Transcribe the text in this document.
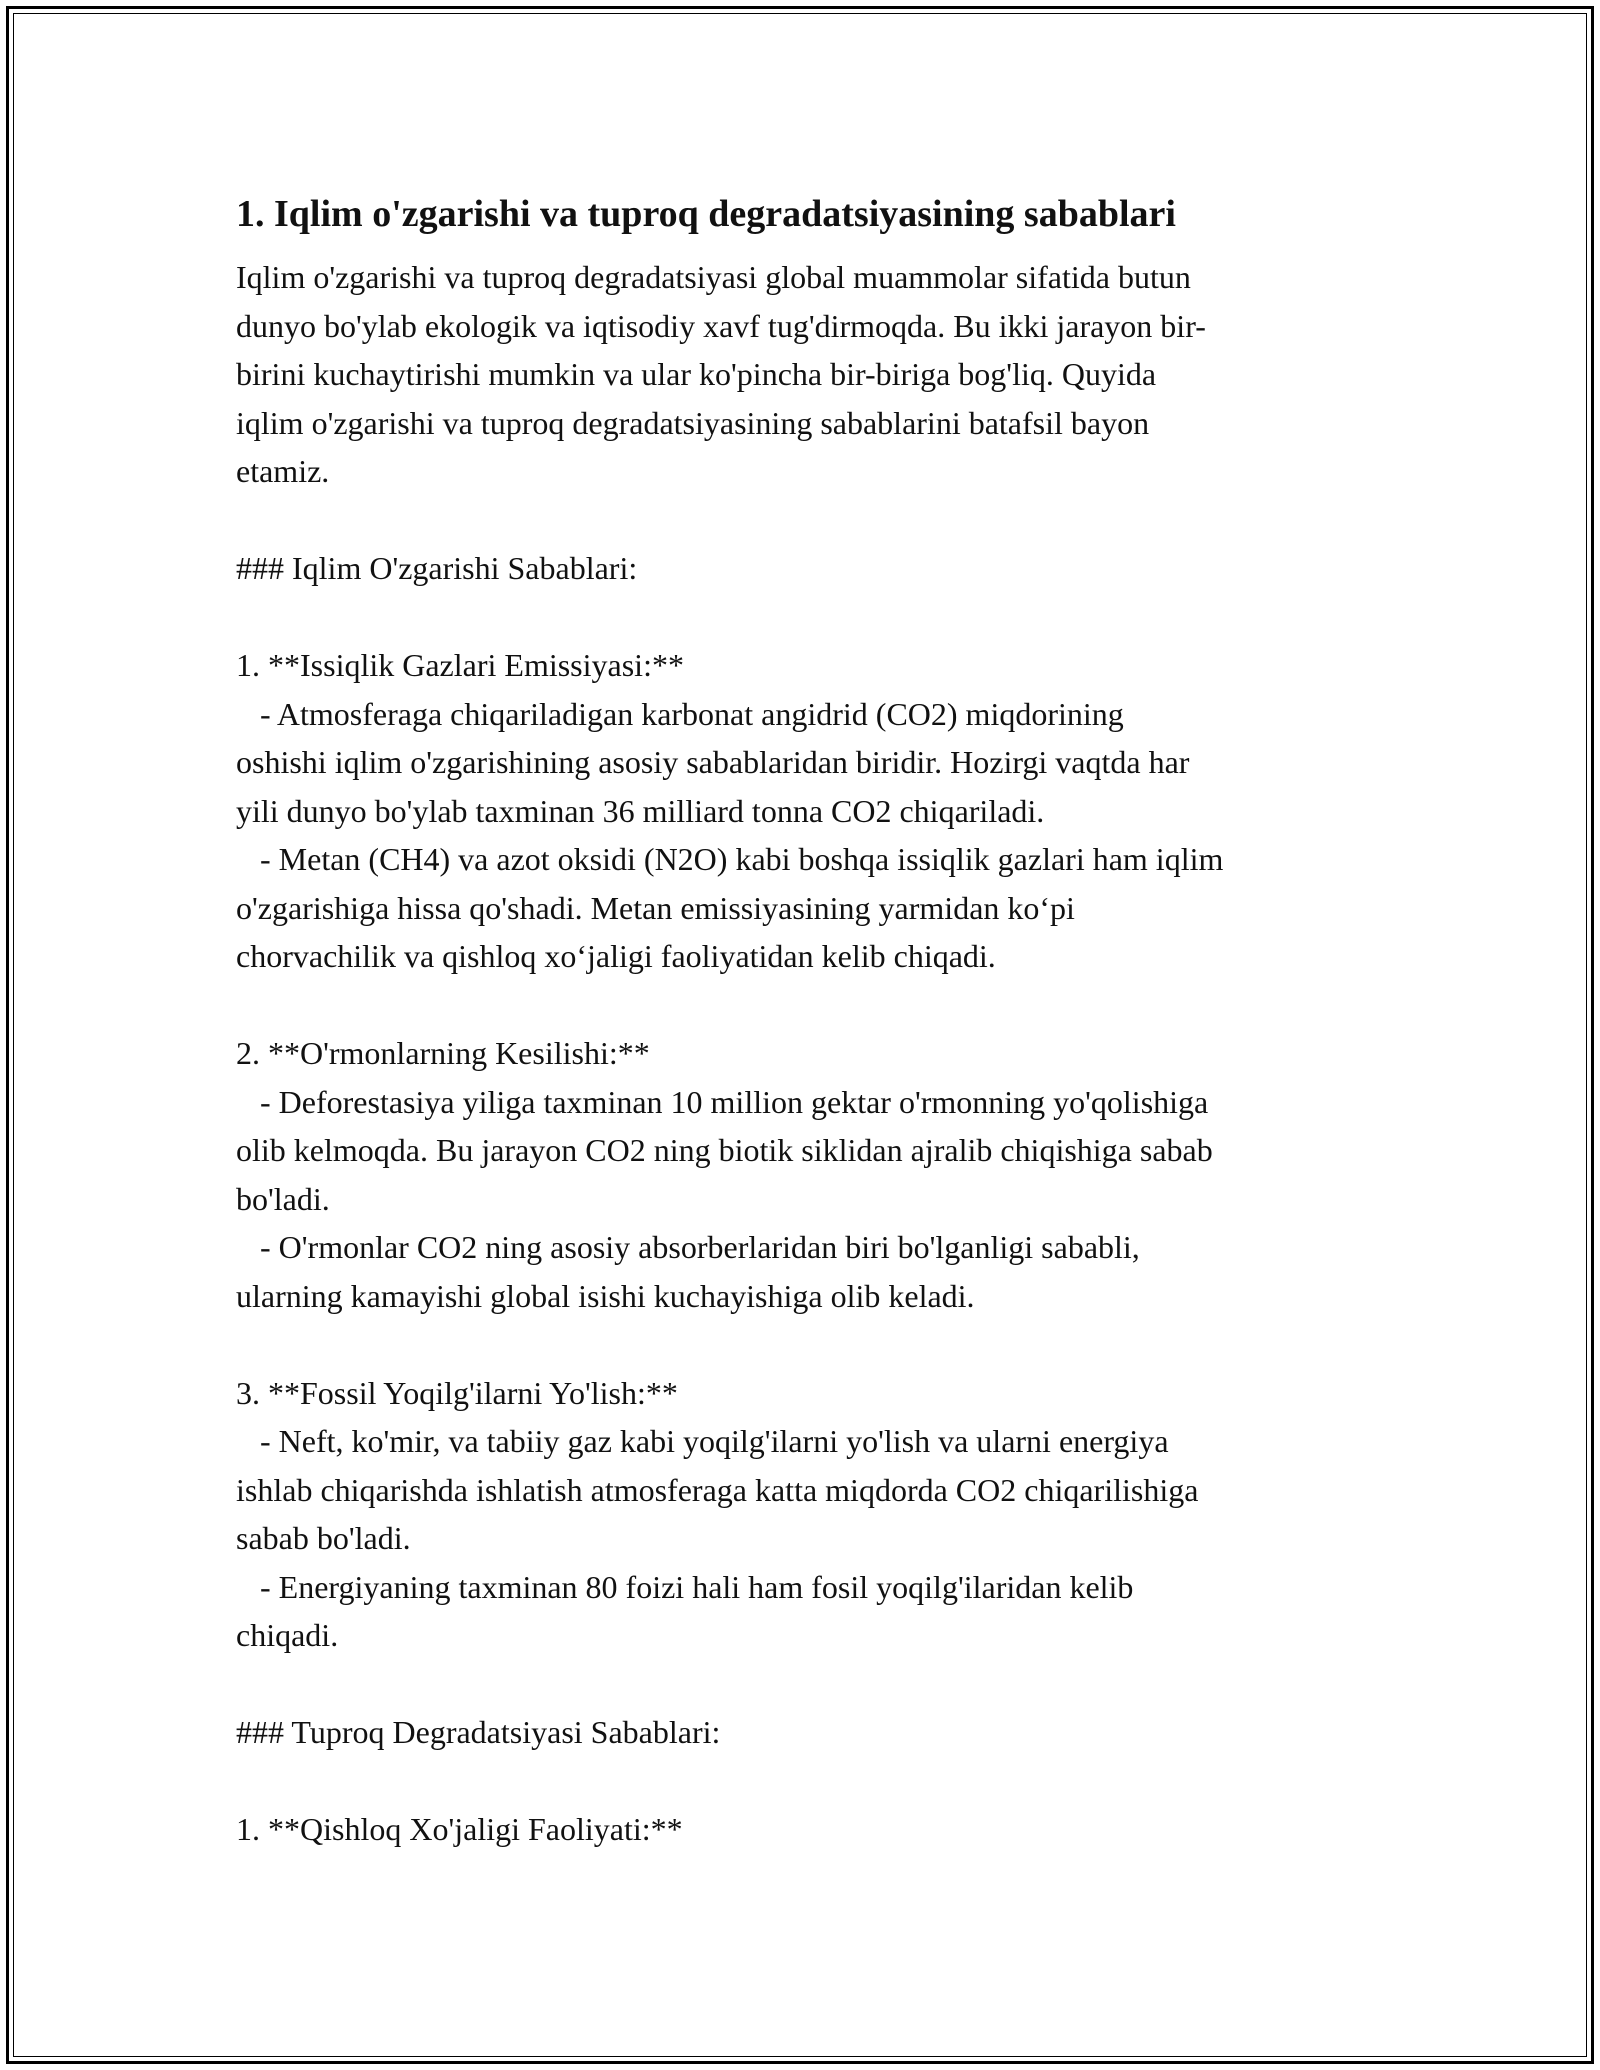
1. Iqlim o'zgarishi va tuproq degradatsiyasining sabablari
Iqlim o'zgarishi va tuproq degradatsiyasi global muammolar sifatida butun
dunyo bo'ylab ekologik va iqtisodiy xavf tug'dirmoqda. Bu ikki jarayon bir-
birini kuchaytirishi mumkin va ular ko'pincha bir-biriga bog'liq. Quyida
iqlim o'zgarishi va tuproq degradatsiyasining sabablarini batafsil bayon
etamiz.
### Iqlim O'zgarishi Sabablari:
1. **Issiqlik Gazlari Emissiyasi:**
- Atmosferaga chiqariladigan karbonat angidrid (CO2) miqdorining
oshishi iqlim o'zgarishining asosiy sabablaridan biridir. Hozirgi vaqtda har
yili dunyo bo'ylab taxminan 36 milliard tonna CO2 chiqariladi.
- Metan (CH4) va azot oksidi (N2O) kabi boshqa issiqlik gazlari ham iqlim
o'zgarishiga hissa qo'shadi. Metan emissiyasining yarmidan ko‘pi
chorvachilik va qishloq xo‘jaligi faoliyatidan kelib chiqadi.
2. **O'rmonlarning Kesilishi:**
- Deforestasiya yiliga taxminan 10 million gektar o'rmonning yo'qolishiga
olib kelmoqda. Bu jarayon CO2 ning biotik siklidan ajralib chiqishiga sabab
bo'ladi.
- O'rmonlar CO2 ning asosiy absorberlaridan biri bo'lganligi sababli,
ularning kamayishi global isishi kuchayishiga olib keladi.
3. **Fossil Yoqilg'ilarni Yo'lish:**
- Neft, ko'mir, va tabiiy gaz kabi yoqilg'ilarni yo'lish va ularni energiya
ishlab chiqarishda ishlatish atmosferaga katta miqdorda CO2 chiqarilishiga
sabab bo'ladi.
- Energiyaning taxminan 80 foizi hali ham fosil yoqilg'ilaridan kelib
chiqadi.
### Tuproq Degradatsiyasi Sabablari:
1. **Qishloq Xo'jaligi Faoliyati:**
